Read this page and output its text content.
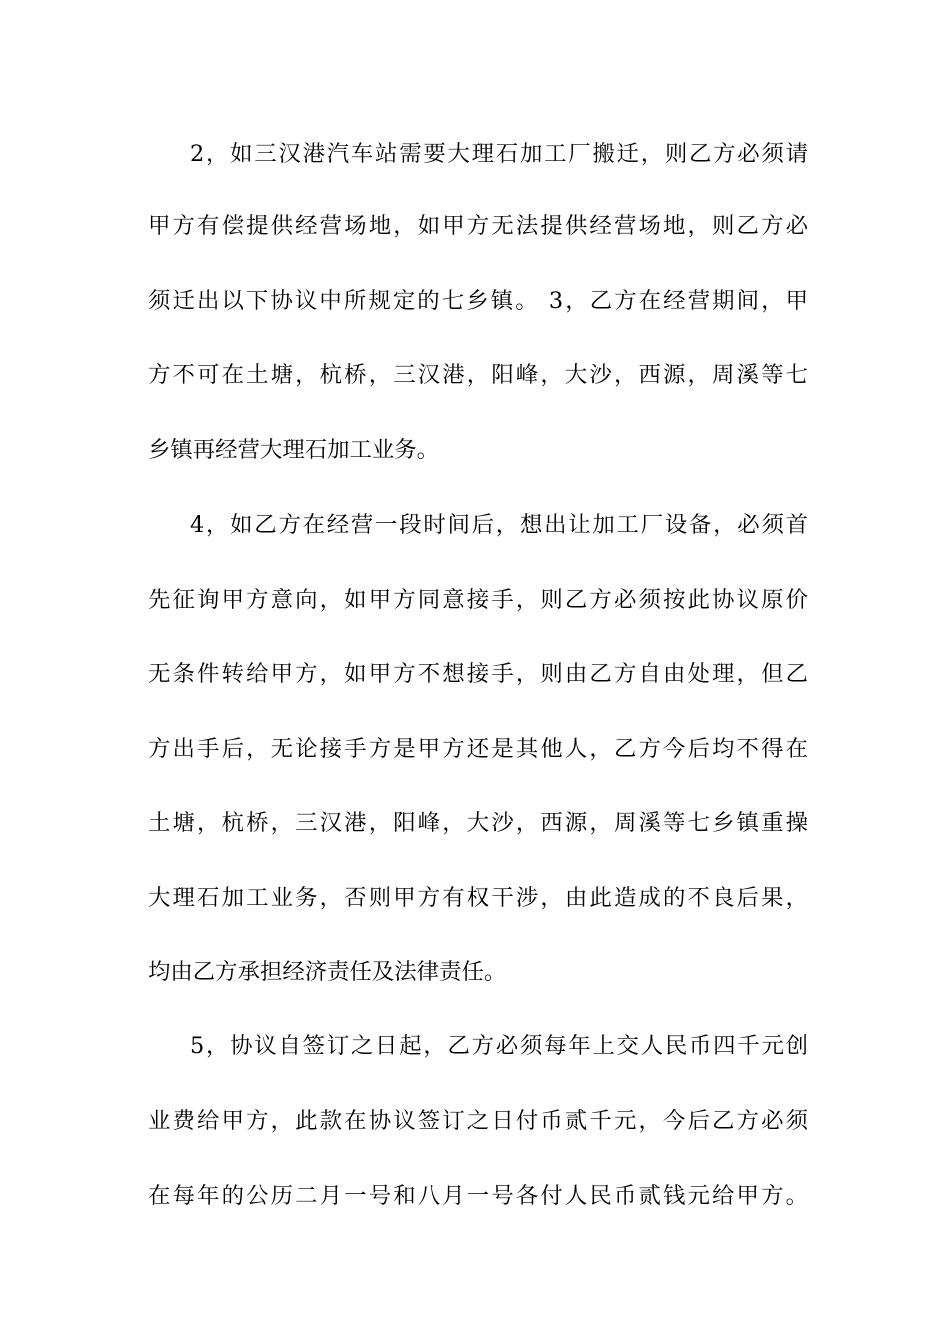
2，如三汉港汽车站需要大理石加工厂搬迁，则乙方必须请
甲方有偿提供经营场地，如甲方无法提供经营场地，则乙方必
须迁出以下协议中所规定的七乡镇。 3，乙方在经营期间，甲
方不可在土塘，杭桥，三汉港，阳峰，大沙，西源，周溪等七
乡镇再经营大理石加工业务。
4，如乙方在经营一段时间后，想出让加工厂设备，必须首
先征询甲方意向，如甲方同意接手，则乙方必须按此协议原价
无条件转给甲方，如甲方不想接手，则由乙方自由处理，但乙
方出手后，无论接手方是甲方还是其他人，乙方今后均不得在
土塘，杭桥，三汉港，阳峰，大沙，西源，周溪等七乡镇重操
大理石加工业务，否则甲方有权干涉，由此造成的不良后果，
均由乙方承担经济责任及法律责任。
5，协议自签订之日起，乙方必须每年上交人民币四千元创
业费给甲方，此款在协议签订之日付币贰千元，今后乙方必须
在每年的公历二月一号和八月一号各付人民币贰钱元给甲方。
